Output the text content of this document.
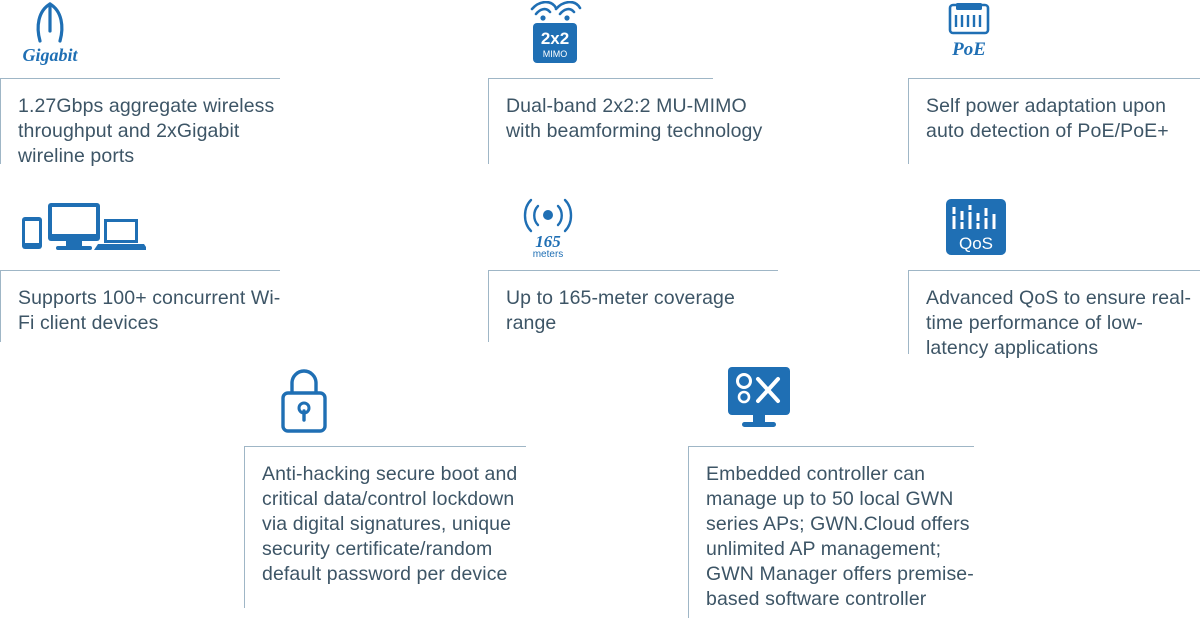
Gigabit
1.27Gbps aggregate wireless throughput and 2xGigabit wireline ports
2x2
MIMO
Dual-band 2x2:2 MU-MIMO with beamforming technology
PoE
Self power adaptation upon auto detection of PoE/PoE+
Supports 100+ concurrent Wi-Fi client devices
165
meters
Up to 165-meter coverage range
QoS
Advanced QoS to ensure real-time performance of low-latency applications
Anti-hacking secure boot and critical data/control lockdown via digital signatures, unique security certificate/random default password per device
Embedded controller can manage up to 50 local GWN series APs; GWN.Cloud offers unlimited AP management; GWN Manager offers premise-based software controller
